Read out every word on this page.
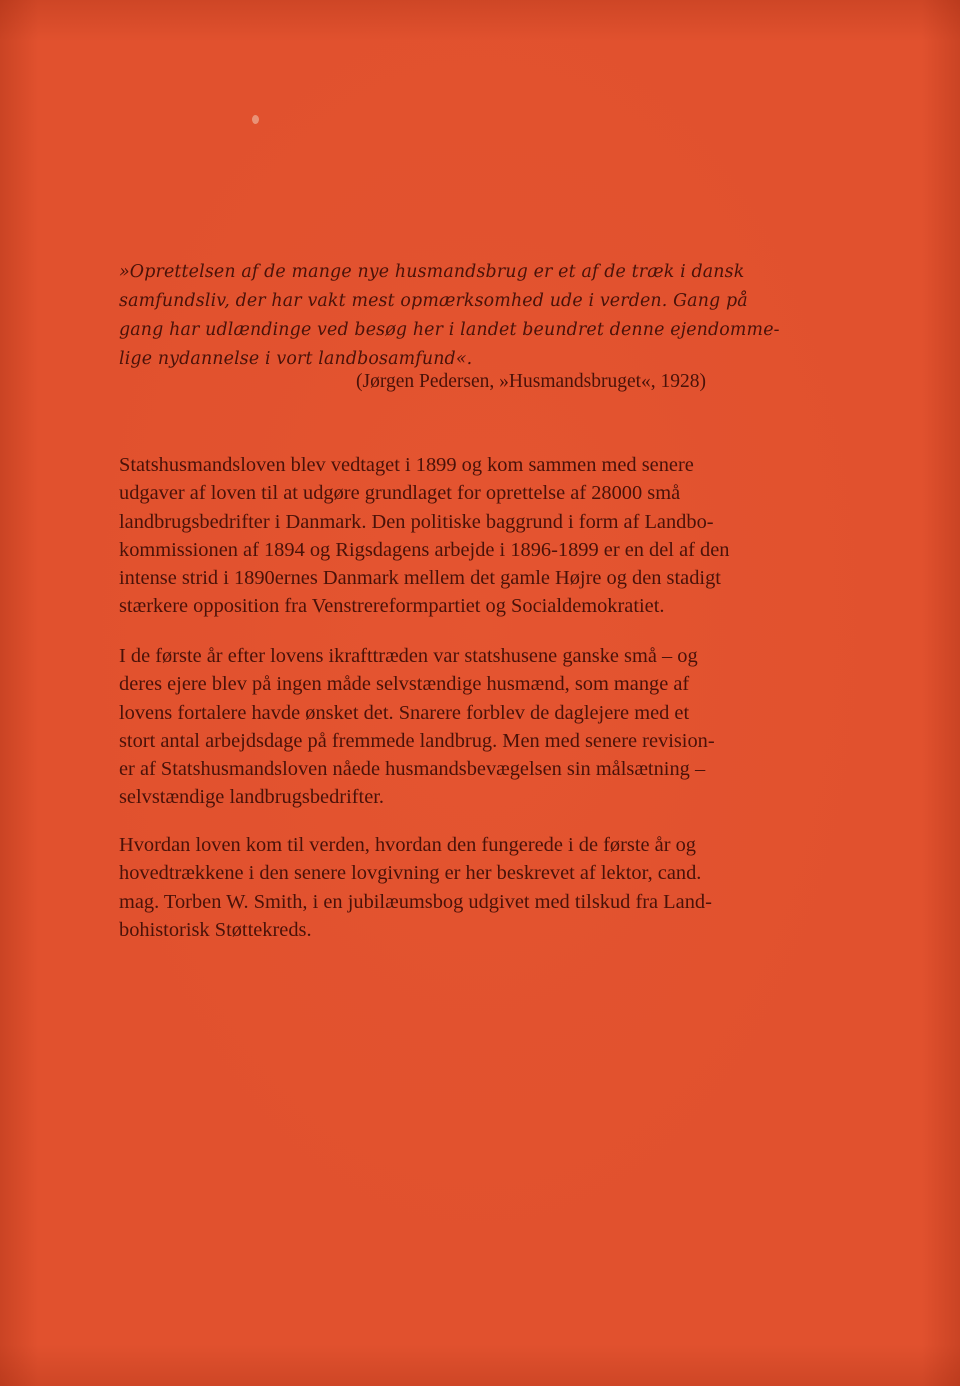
»Oprettelsen af de mange nye husmandsbrug er et af de træk i dansk
samfundsliv, der har vakt mest opmærksomhed ude i verden. Gang på
gang har udlændinge ved besøg her i landet beundret denne ejendomme-
lige nydannelse i vort landbosamfund«.

(Jørgen Pedersen, »Husmandsbruget«, 1928)

Statshusmandsloven blev vedtaget i 1899 og kom sammen med senere
udgaver af loven til at udgøre grundlaget for oprettelse af 28000 små
landbrugsbedrifter i Danmark. Den politiske baggrund i form af Landbo-
kommissionen af 1894 og Rigsdagens arbejde i 1896-1899 er en del af den
intense strid i 1890ernes Danmark mellem det gamle Højre og den stadigt
stærkere opposition fra Venstrereformpartiet og Socialdemokratiet.
I de første år efter lovens ikrafttræden var statshusene ganske små – og
deres ejere blev på ingen måde selvstændige husmænd, som mange af
lovens fortalere havde ønsket det. Snarere forblev de daglejere med et
stort antal arbejdsdage på fremmede landbrug. Men med senere revision-
er af Statshusmandsloven nåede husmandsbevægelsen sin målsætning –
selvstændige landbrugsbedrifter.
Hvordan loven kom til verden, hvordan den fungerede i de første år og
hovedtrækkene i den senere lovgivning er her beskrevet af lektor, cand.
mag. Torben W. Smith, i en jubilæumsbog udgivet med tilskud fra Land-
bohistorisk Støttekreds.
